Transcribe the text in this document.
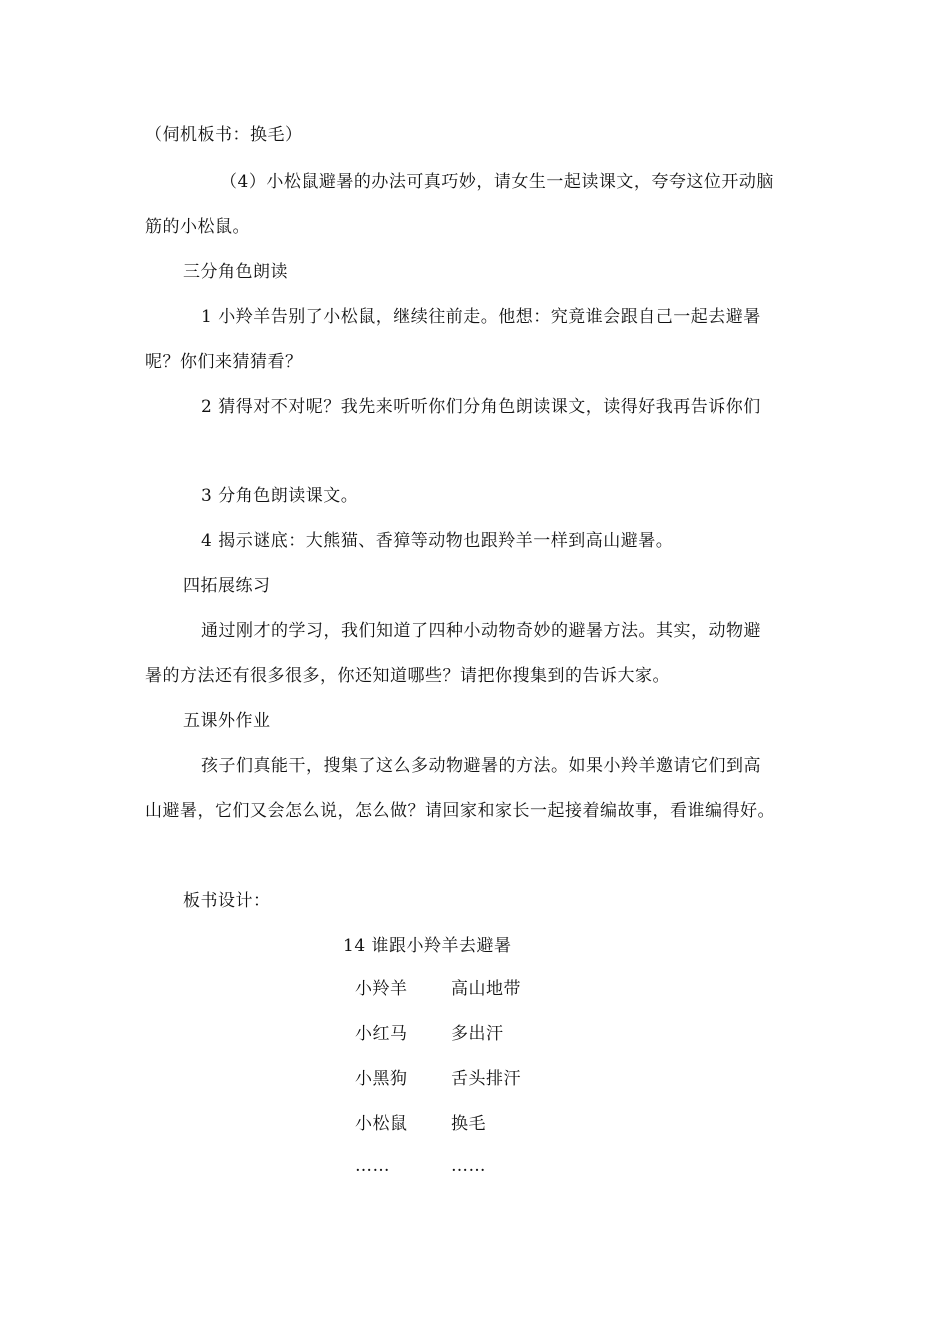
（伺机板书：换毛）
（4）小松鼠避暑的办法可真巧妙，请女生一起读课文，夸夸这位开动脑
筋的小松鼠。
三分角色朗读
1 小羚羊告别了小松鼠，继续往前走。他想：究竟谁会跟自己一起去避暑
呢？你们来猜猜看？
2 猜得对不对呢？我先来听听你们分角色朗读课文，读得好我再告诉你们
3 分角色朗读课文。
4 揭示谜底：大熊猫、香獐等动物也跟羚羊一样到高山避暑。
四拓展练习
通过刚才的学习，我们知道了四种小动物奇妙的避暑方法。其实，动物避
暑的方法还有很多很多，你还知道哪些？请把你搜集到的告诉大家。
五课外作业
孩子们真能干，搜集了这么多动物避暑的方法。如果小羚羊邀请它们到高
山避暑，它们又会怎么说，怎么做？请回家和家长一起接着编故事，看谁编得好。
板书设计：
14 谁跟小羚羊去避暑
小羚羊	高山地带
小红马	多出汗
小黑狗	舌头排汗
小松鼠	换毛
……	……
